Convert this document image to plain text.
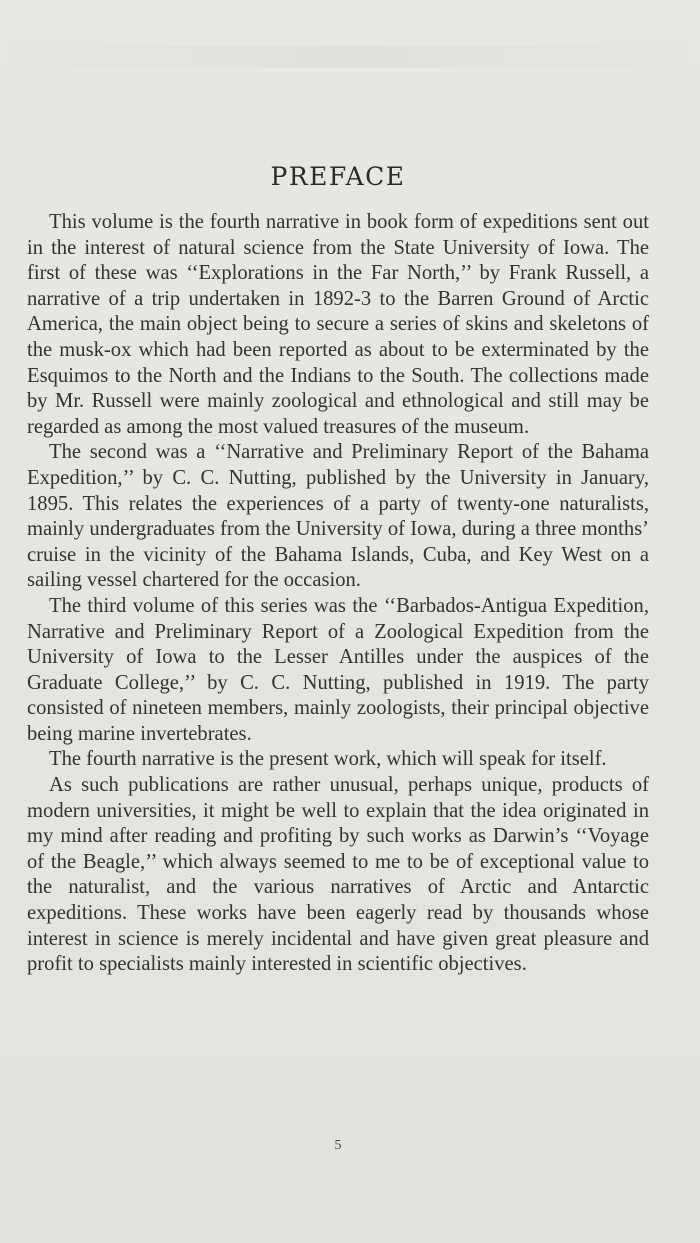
PREFACE

This volume is the fourth narrative in book form of expeditions sent out in the interest of natural science from the State University of Iowa. The first of these was ‘‘Explorations in the Far North,’’ by Frank Russell, a narrative of a trip undertaken in 1892-3 to the Barren Ground of Arctic America, the main object being to secure a series of skins and skeletons of the musk-ox which had been reported as about to be exterminated by the Esquimos to the North and the Indians to the South. The collections made by Mr. Russell were mainly zoological and ethnological and still may be regarded as among the most valued treasures of the museum.

The second was a ‘‘Narrative and Preliminary Report of the Bahama Expedition,’’ by C. C. Nutting, published by the University in January, 1895. This relates the experiences of a party of twenty-one naturalists, mainly undergraduates from the University of Iowa, during a three months’ cruise in the vicinity of the Bahama Islands, Cuba, and Key West on a sailing vessel chartered for the occasion.

The third volume of this series was the ‘‘Barbados-Antigua Expedition, Narrative and Preliminary Report of a Zoological Expedition from the University of Iowa to the Lesser Antilles under the auspices of the Graduate College,’’ by C. C. Nutting, published in 1919. The party consisted of nineteen members, mainly zoologists, their principal objective being marine invertebrates.

The fourth narrative is the present work, which will speak for itself.

As such publications are rather unusual, perhaps unique, products of modern universities, it might be well to explain that the idea originated in my mind after reading and profiting by such works as Darwin’s ‘‘Voyage of the Beagle,’’ which always seemed to me to be of exceptional value to the naturalist, and the various narratives of Arctic and Antarctic expeditions. These works have been eagerly read by thousands whose interest in science is merely incidental and have given great pleasure and profit to specialists mainly interested in scientific objectives.

5
